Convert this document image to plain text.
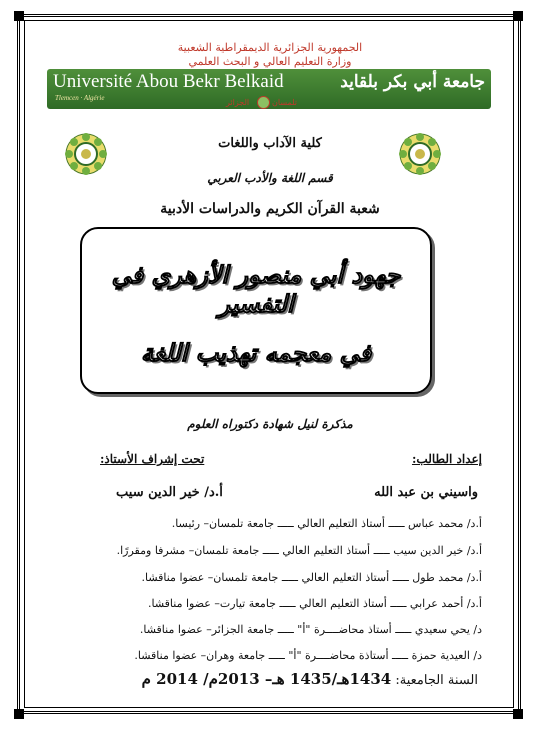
الجمهورية الجزائرية الديمقراطية الشعبية
وزارة التعليم العالي و البحث العلمي
Université Abou Bekr Belkaid
Tlemcen · Algérie
جامعة أبي بكر بلقايد
تلمسان
الجزائر
كلية الآداب واللغات
قسم اللغة والأدب العربي
شعبة القرآن الكريم والدراسات الأدبية
جهود أبي منصور الأزهري في التفسير
في معجمه تهذيب اللغة
مذكرة لنيل شهادة دكتوراه العلوم
إعداد الطالب:
تحت إشراف الأستاذ:
واسيني بن عبد الله
أ.د/ خير الدين سيب
أ.د/ محمد عباس ـــــ أستاذ التعليم العالي ـــــ جامعة تلمسان– رئيسا.
أ.د/ خير الدين سيب ـــــ أستاذ التعليم العالي ـــــ جامعة تلمسان– مشرفا ومقررًا.
أ.د/ محمد طول ـــــ أستاذ التعليم العالي ـــــ جامعة تلمسان– عضوا مناقشا.
أ.د/ أحمد عرابي ـــــ أستاذ التعليم العالي ـــــ جامعة تيارت– عضوا مناقشا.
د/ يحي سعيدي ـــــ أستاذ محاضــــرة "أ" ـــــ جامعة الجزائر– عضوا مناقشا.
د/ العيدية حمزة ـــــ أستاذة محاضــــرة "أ" ـــــ جامعة وهران– عضوا مناقشا.
السنة الجامعية: 1434هـ/1435 هـ– 2013م/ 2014 م
